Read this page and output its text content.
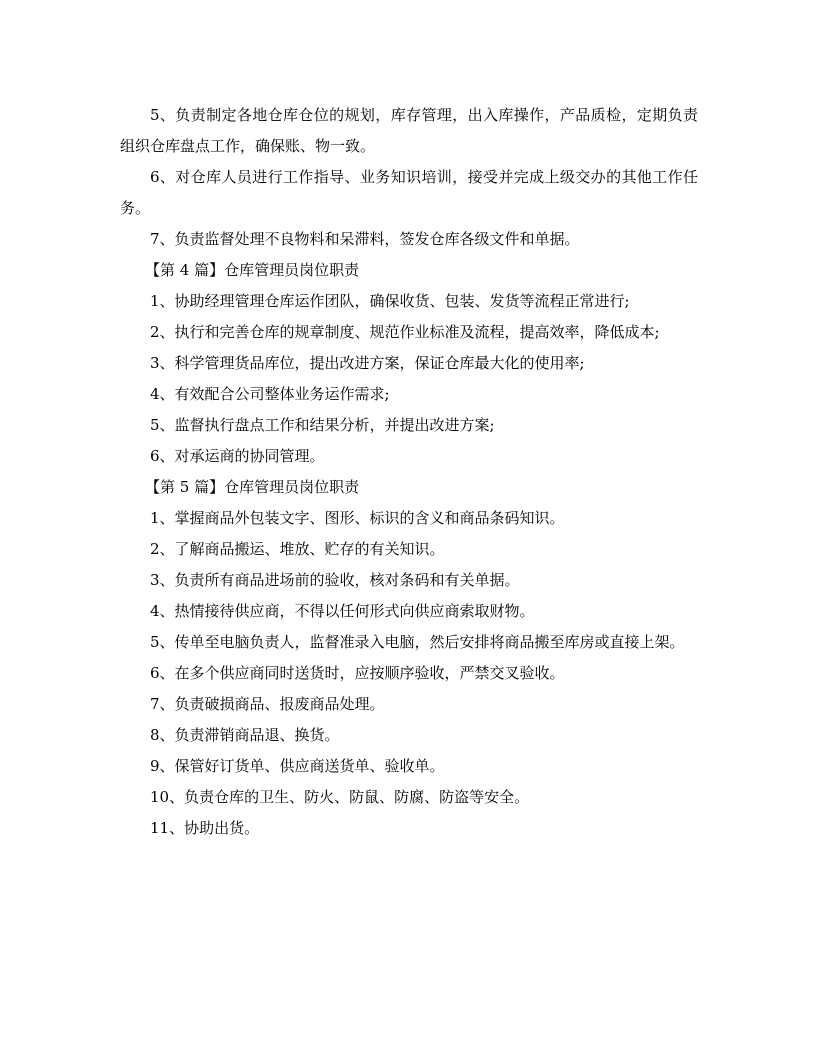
5、负责制定各地仓库仓位的规划，库存管理，出入库操作，产品质检，定期负责组织仓库盘点工作，确保账、物一致。

6、对仓库人员进行工作指导、业务知识培训，接受并完成上级交办的其他工作任务。

7、负责监督处理不良物料和呆滞料，签发仓库各级文件和单据。

【第 4 篇】仓库管理员岗位职责

1、协助经理管理仓库运作团队，确保收货、包装、发货等流程正常进行;

2、执行和完善仓库的规章制度、规范作业标准及流程，提高效率，降低成本;

3、科学管理货品库位，提出改进方案，保证仓库最大化的使用率;

4、有效配合公司整体业务运作需求;

5、监督执行盘点工作和结果分析，并提出改进方案;

6、对承运商的协同管理。

【第 5 篇】仓库管理员岗位职责

1、掌握商品外包装文字、图形、标识的含义和商品条码知识。

2、了解商品搬运、堆放、贮存的有关知识。

3、负责所有商品进场前的验收，核对条码和有关单据。

4、热情接待供应商，不得以任何形式向供应商索取财物。

5、传单至电脑负责人，监督准录入电脑，然后安排将商品搬至库房或直接上架。

6、在多个供应商同时送货时，应按顺序验收，严禁交叉验收。

7、负责破损商品、报废商品处理。

8、负责滞销商品退、换货。

9、保管好订货单、供应商送货单、验收单。

10、负责仓库的卫生、防火、防鼠、防腐、防盗等安全。

11、协助出货。
